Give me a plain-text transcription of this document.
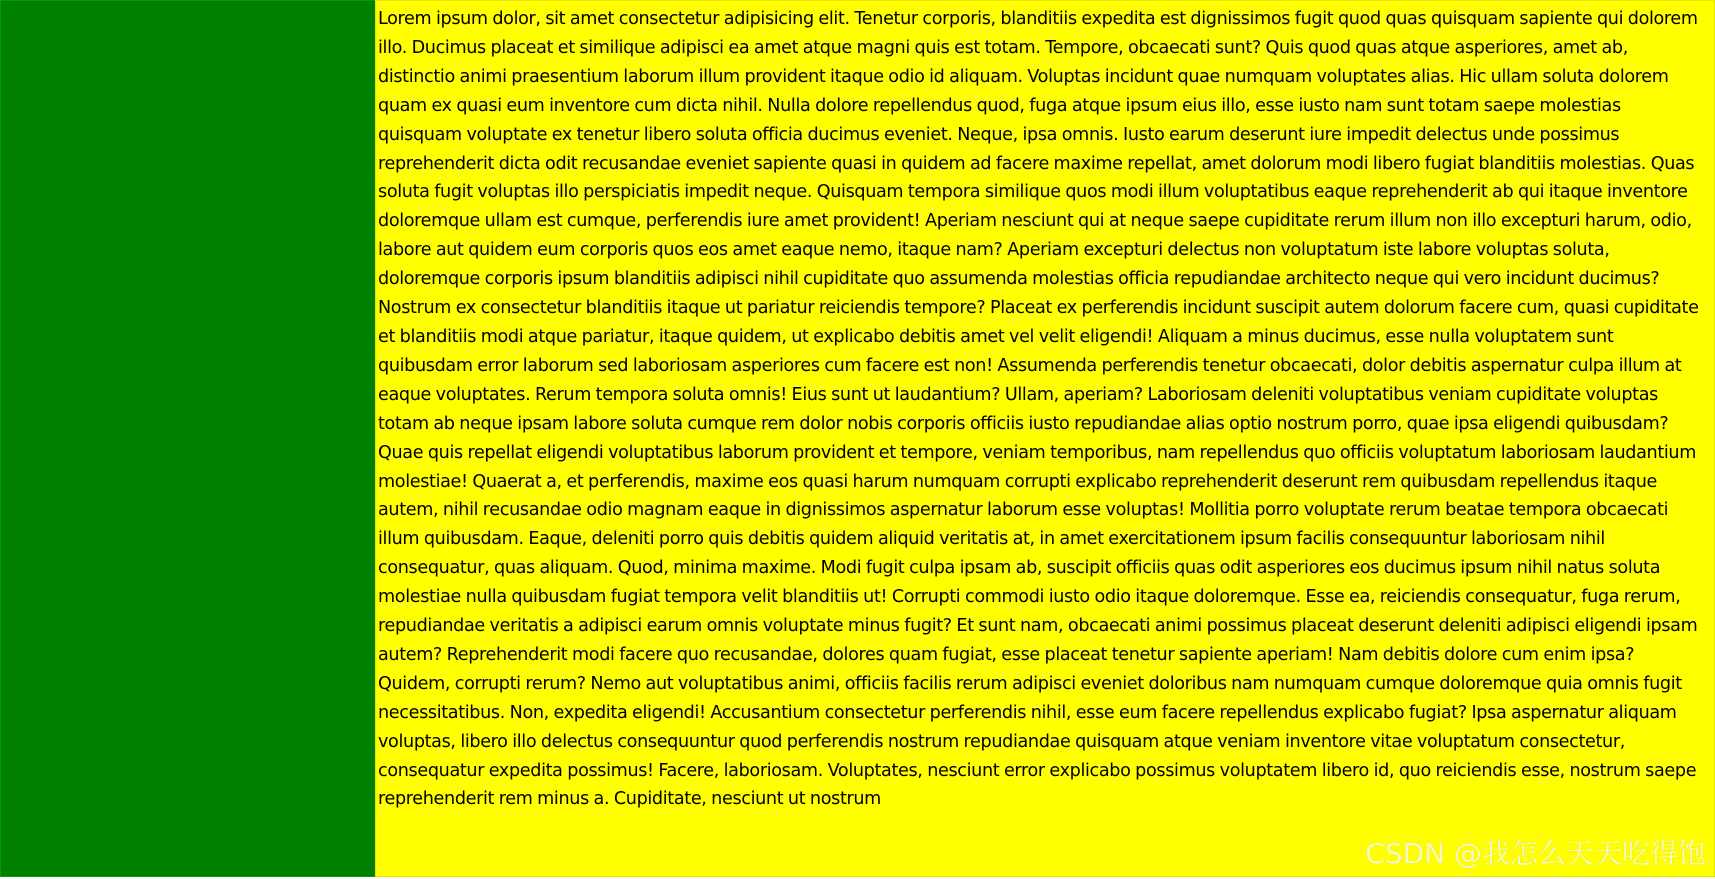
Lorem ipsum dolor, sit amet consectetur adipisicing elit. Tenetur corporis, blanditiis expedita est dignissimos fugit quod quas quisquam sapiente qui dolorem illo. Ducimus placeat et similique adipisci ea amet atque magni quis est totam. Tempore, obcaecati sunt? Quis quod quas atque asperiores, amet ab, distinctio animi praesentium laborum illum provident itaque odio id aliquam. Voluptas incidunt quae numquam voluptates alias. Hic ullam soluta dolorem quam ex quasi eum inventore cum dicta nihil. Nulla dolore repellendus quod, fuga atque ipsum eius illo, esse iusto nam sunt totam saepe molestias quisquam voluptate ex tenetur libero soluta officia ducimus eveniet. Neque, ipsa omnis. Iusto earum deserunt iure impedit delectus unde possimus reprehenderit dicta odit recusandae eveniet sapiente quasi in quidem ad facere maxime repellat, amet dolorum modi libero fugiat blanditiis molestias. Quas soluta fugit voluptas illo perspiciatis impedit neque. Quisquam tempora similique quos modi illum voluptatibus eaque reprehenderit ab qui itaque inventore doloremque ullam est cumque, perferendis iure amet provident! Aperiam nesciunt qui at neque saepe cupiditate rerum illum non illo excepturi harum, odio, labore aut quidem eum corporis quos eos amet eaque nemo, itaque nam? Aperiam excepturi delectus non voluptatum iste labore voluptas soluta, doloremque corporis ipsum blanditiis adipisci nihil cupiditate quo assumenda molestias officia repudiandae architecto neque qui vero incidunt ducimus? Nostrum ex consectetur blanditiis itaque ut pariatur reiciendis tempore? Placeat ex perferendis incidunt suscipit autem dolorum facere cum, quasi cupiditate et blanditiis modi atque pariatur, itaque quidem, ut explicabo debitis amet vel velit eligendi! Aliquam a minus ducimus, esse nulla voluptatem sunt quibusdam error laborum sed laboriosam asperiores cum facere est non! Assumenda perferendis tenetur obcaecati, dolor debitis aspernatur culpa illum at eaque voluptates. Rerum tempora soluta omnis! Eius sunt ut laudantium? Ullam, aperiam? Laboriosam deleniti voluptatibus veniam cupiditate voluptas totam ab neque ipsam labore soluta cumque rem dolor nobis corporis officiis iusto repudiandae alias optio nostrum porro, quae ipsa eligendi quibusdam? Quae quis repellat eligendi voluptatibus laborum provident et tempore, veniam temporibus, nam repellendus quo officiis voluptatum laboriosam laudantium molestiae! Quaerat a, et perferendis, maxime eos quasi harum numquam corrupti explicabo reprehenderit deserunt rem quibusdam repellendus itaque autem, nihil recusandae odio magnam eaque in dignissimos aspernatur laborum esse voluptas! Mollitia porro voluptate rerum beatae tempora obcaecati illum quibusdam. Eaque, deleniti porro quis debitis quidem aliquid veritatis at, in amet exercitationem ipsum facilis consequuntur laboriosam nihil consequatur, quas aliquam. Quod, minima maxime. Modi fugit culpa ipsam ab, suscipit officiis quas odit asperiores eos ducimus ipsum nihil natus soluta molestiae nulla quibusdam fugiat tempora velit blanditiis ut! Corrupti commodi iusto odio itaque doloremque. Esse ea, reiciendis consequatur, fuga rerum, repudiandae veritatis a adipisci earum omnis voluptate minus fugit? Et sunt nam, obcaecati animi possimus placeat deserunt deleniti adipisci eligendi ipsam autem? Reprehenderit modi facere quo recusandae, dolores quam fugiat, esse placeat tenetur sapiente aperiam! Nam debitis dolore cum enim ipsa? Quidem, corrupti rerum? Nemo aut voluptatibus animi, officiis facilis rerum adipisci eveniet doloribus nam numquam cumque doloremque quia omnis fugit necessitatibus. Non, expedita eligendi! Accusantium consectetur perferendis nihil, esse eum facere repellendus explicabo fugiat? Ipsa aspernatur aliquam voluptas, libero illo delectus consequuntur quod perferendis nostrum repudiandae quisquam atque veniam inventore vitae voluptatum consectetur, consequatur expedita possimus! Facere, laboriosam. Voluptates, nesciunt error explicabo possimus voluptatem libero id, quo reiciendis esse, nostrum saepe reprehenderit rem minus a. Cupiditate, nesciunt ut nostrum

CSDN @我怎么天天吃得饱
